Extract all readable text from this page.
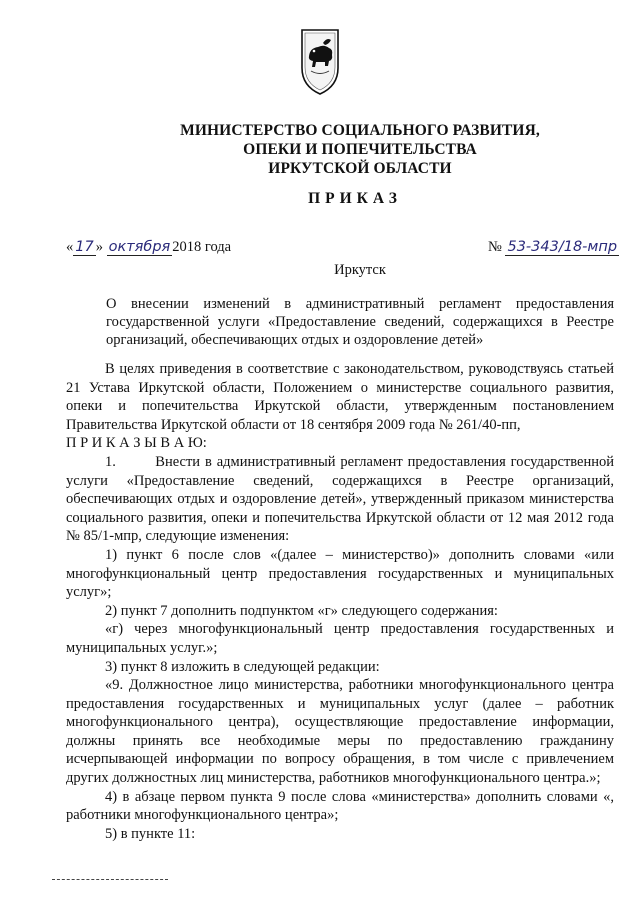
МИНИСТЕРСТВО СОЦИАЛЬНОГО РАЗВИТИЯ,
ОПЕКИ И ПОПЕЧИТЕЛЬСТВА
ИРКУТСКОЙ ОБЛАСТИ
ПРИКАЗ
« 17 » октября 2018 года	№ 53-343/18-мпр
Иркутск
О внесении изменений в административный регламент предоставления государственной услуги «Предоставление сведений, содержащихся в Реестре организаций, обеспечивающих отдых и оздоровление детей»

В целях приведения в соответствие с законодательством, руководствуясь статьей 21 Устава Иркутской области, Положением о министерстве социального развития, опеки и попечительства Иркутской области, утвержденным постановлением Правительства Иркутской области от 18 сентября 2009 года № 261/40-пп,

П Р И К А З Ы В А Ю:

1.	Внести в административный регламент предоставления государственной услуги «Предоставление сведений, содержащихся в Реестре организаций, обеспечивающих отдых и оздоровление детей», утвержденный приказом министерства социального развития, опеки и попечительства Иркутской области от 12 мая 2012 года № 85/1-мпр, следующие изменения:

1) пункт 6 после слов «(далее – министерство)» дополнить словами «или многофункциональный центр предоставления государственных и муниципальных услуг»;

2) пункт 7 дополнить подпунктом «г» следующего содержания:

«г) через многофункциональный центр предоставления государственных и муниципальных услуг.»;

3) пункт 8 изложить в следующей редакции:

«9. Должностное лицо министерства, работники многофункционального центра предоставления государственных и муниципальных услуг (далее – работник многофункционального центра), осуществляющие предоставление информации, должны принять все необходимые меры по предоставлению гражданину исчерпывающей информации по вопросу обращения, в том числе с привлечением других должностных лиц министерства, работников многофункционального центра.»;

4) в абзаце первом пункта 9 после слова «министерства» дополнить словами «, работники многофункционального центра»;

5) в пункте 11:
